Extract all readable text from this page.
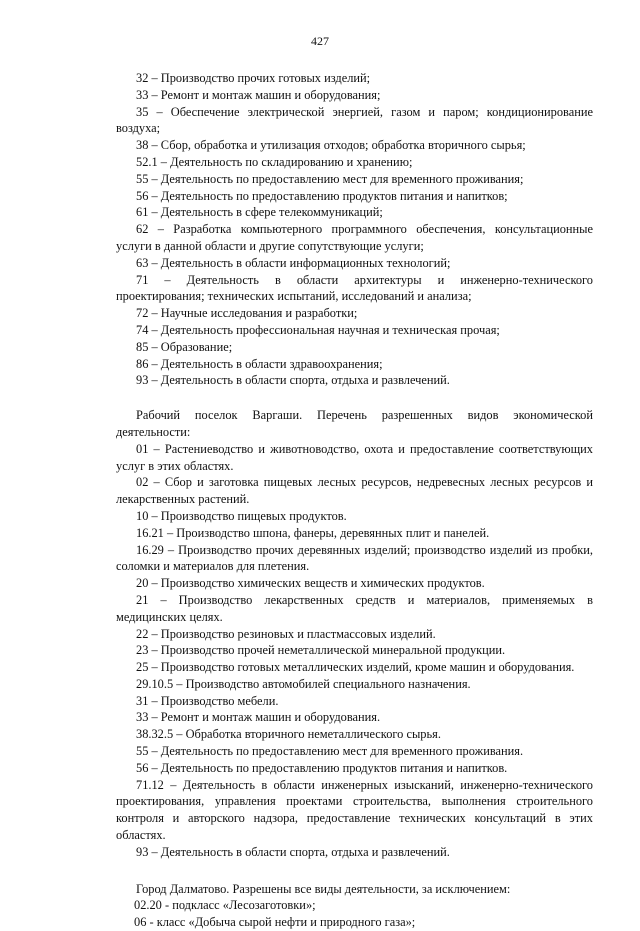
427

32 – Производство прочих готовых изделий;

33 – Ремонт и монтаж машин и оборудования;

35 – Обеспечение электрической энергией, газом и паром; кондиционирование воздуха;

38 – Сбор, обработка и утилизация отходов; обработка вторичного сырья;

52.1 – Деятельность по складированию и хранению;

55 – Деятельность по предоставлению мест для временного проживания;

56 – Деятельность по предоставлению продуктов питания и напитков;

61 – Деятельность в сфере телекоммуникаций;

62 – Разработка компьютерного программного обеспечения, консультационные услуги в данной области и другие сопутствующие услуги;

63 – Деятельность в области информационных технологий;

71 – Деятельность в области архитектуры и инженерно-технического проектирования; технических испытаний, исследований и анализа;

72 – Научные исследования и разработки;

74 – Деятельность профессиональная научная и техническая прочая;

85 – Образование;

86 – Деятельность в области здравоохранения;

93 – Деятельность в области спорта, отдыха и развлечений.

Рабочий поселок Варгаши. Перечень разрешенных видов экономической деятельности:

01 – Растениеводство и животноводство, охота и предоставление соответствующих услуг в этих областях.

02 – Сбор и заготовка пищевых лесных ресурсов, недревесных лесных ресурсов и лекарственных растений.

10 – Производство пищевых продуктов.

16.21 – Производство шпона, фанеры, деревянных плит и панелей.

16.29 – Производство прочих деревянных изделий; производство изделий из пробки, соломки и материалов для плетения.

20 – Производство химических веществ и химических продуктов.

21 – Производство лекарственных средств и материалов, применяемых в медицинских целях.

22 – Производство резиновых и пластмассовых изделий.

23 – Производство прочей неметаллической минеральной продукции.

25 – Производство готовых металлических изделий, кроме машин и оборудования.

29.10.5 – Производство автомобилей специального назначения.

31 – Производство мебели.

33 – Ремонт и монтаж машин и оборудования.

38.32.5 – Обработка вторичного неметаллического сырья.

55 – Деятельность по предоставлению мест для временного проживания.

56 – Деятельность по предоставлению продуктов питания и напитков.

71.12 – Деятельность в области инженерных изысканий, инженерно-технического проектирования, управления проектами строительства, выполнения строительного контроля и авторского надзора, предоставление технических консультаций в этих областях.

93 – Деятельность в области спорта, отдыха и развлечений.

Город Далматово. Разрешены все виды деятельности, за исключением:

02.20 - подкласс «Лесозаготовки»;

06 - класс «Добыча сырой нефти и природного газа»;
